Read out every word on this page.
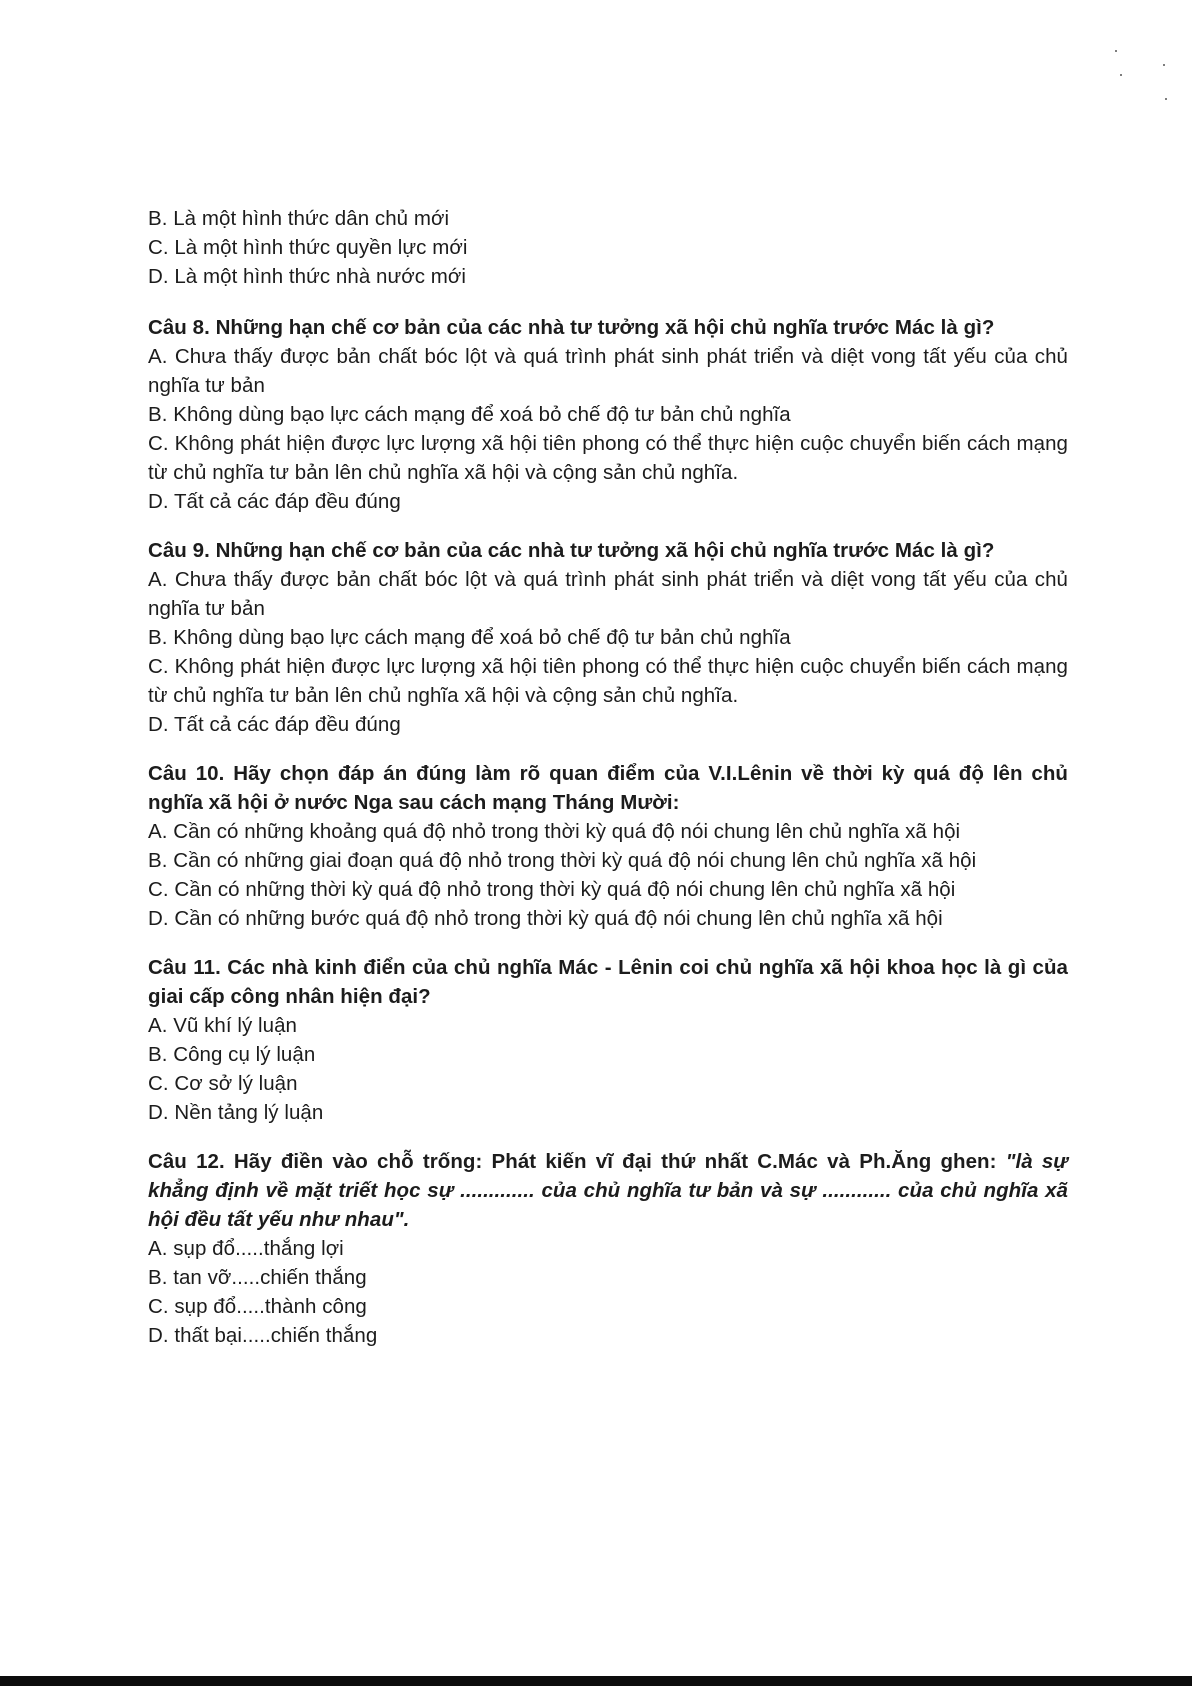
B. Là một hình thức dân chủ mới

C. Là một hình thức quyền lực mới

D. Là một hình thức nhà nước mới

Câu 8. Những hạn chế cơ bản của các nhà tư tưởng xã hội chủ nghĩa trước Mác là gì?

A. Chưa thấy được bản chất bóc lột và quá trình phát sinh phát triển và diệt vong tất yếu của chủ nghĩa tư bản

B. Không dùng bạo lực cách mạng để xoá bỏ chế độ tư bản chủ nghĩa

C. Không phát hiện được lực lượng xã hội tiên phong có thể thực hiện cuộc chuyển biến cách mạng từ chủ nghĩa tư bản lên chủ nghĩa xã hội và cộng sản chủ nghĩa.

D. Tất cả các đáp đều đúng

Câu 9. Những hạn chế cơ bản của các nhà tư tưởng xã hội chủ nghĩa trước Mác là gì?

A. Chưa thấy được bản chất bóc lột và quá trình phát sinh phát triển và diệt vong tất yếu của chủ nghĩa tư bản

B. Không dùng bạo lực cách mạng để xoá bỏ chế độ tư bản chủ nghĩa

C. Không phát hiện được lực lượng xã hội tiên phong có thể thực hiện cuộc chuyển biến cách mạng từ chủ nghĩa tư bản lên chủ nghĩa xã hội và cộng sản chủ nghĩa.

D. Tất cả các đáp đều đúng

Câu 10. Hãy chọn đáp án đúng làm rõ quan điểm của V.I.Lênin về thời kỳ quá độ lên chủ nghĩa xã hội ở nước Nga sau cách mạng Tháng Mười:

A. Cần có những khoảng quá độ nhỏ trong thời kỳ quá độ nói chung lên chủ nghĩa xã hội

B. Cần có những giai đoạn quá độ nhỏ trong thời kỳ quá độ nói chung lên chủ nghĩa xã hội

C. Cần có những thời kỳ quá độ nhỏ trong thời kỳ quá độ nói chung lên chủ nghĩa xã hội

D. Cần có những bước quá độ nhỏ trong thời kỳ quá độ nói chung lên chủ nghĩa xã hội

Câu 11. Các nhà kinh điển của chủ nghĩa Mác - Lênin coi chủ nghĩa xã hội khoa học là gì của giai cấp công nhân hiện đại?

A. Vũ khí lý luận

B. Công cụ lý luận

C. Cơ sở lý luận

D. Nền tảng lý luận

Câu 12. Hãy điền vào chỗ trống: Phát kiến vĩ đại thứ nhất C.Mác và Ph.Ăng ghen: "là sự khẳng định về mặt triết học sự ............. của chủ nghĩa tư bản và sự ............ của chủ nghĩa xã hội đều tất yếu như nhau".

A. sụp đổ.....thắng lợi

B. tan vỡ.....chiến thắng

C. sụp đổ.....thành công

D. thất bại.....chiến thắng
